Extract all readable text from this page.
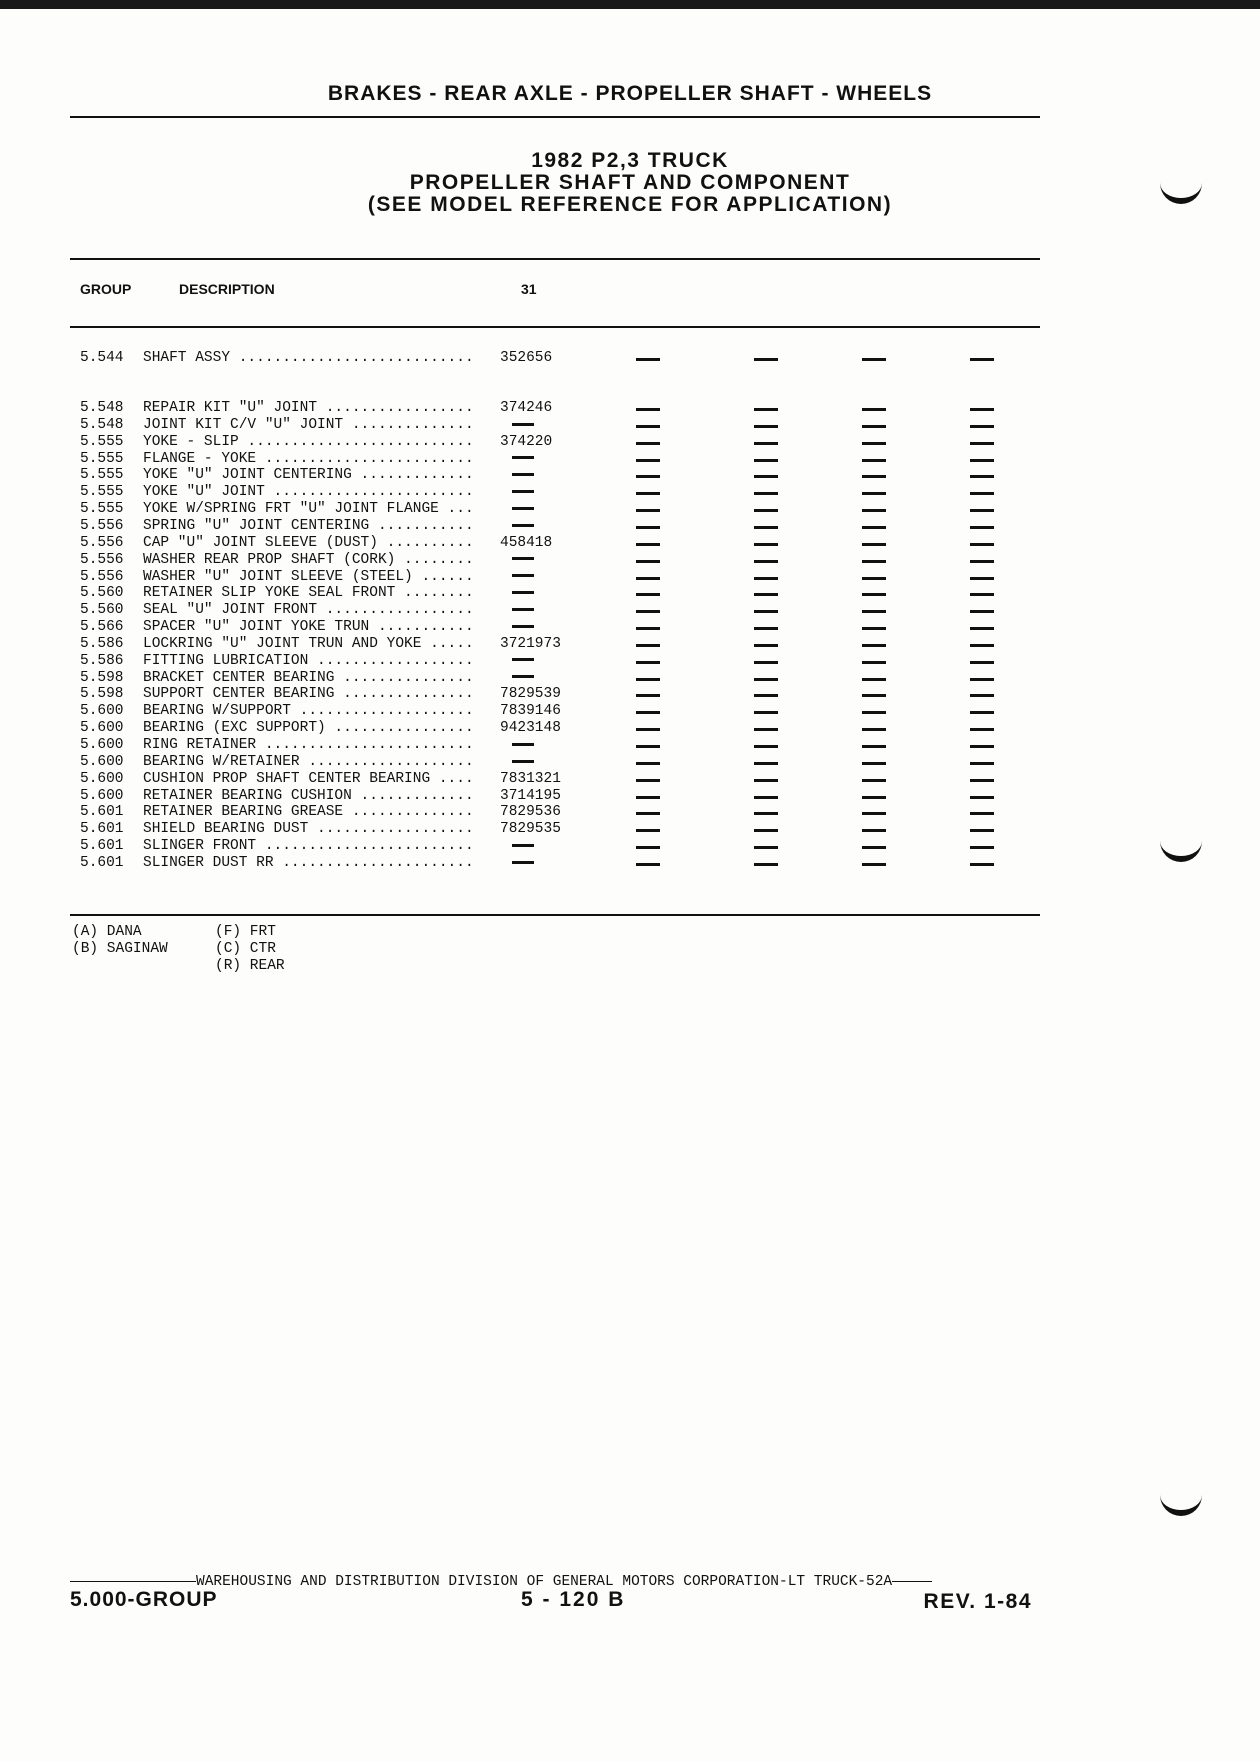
BRAKES - REAR AXLE - PROPELLER SHAFT - WHEELS
1982 P2,3 TRUCK
PROPELLER SHAFT AND COMPONENT
(SEE MODEL REFERENCE FOR APPLICATION)
GROUP	DESCRIPTION	31
5.544	SHAFT ASSY .....	352656
5.548	REPAIR KIT "U" JOINT .....	374246
5.548	JOINT KIT C/V "U" JOINT .....
5.555	YOKE - SLIP .....	374220
5.555	FLANGE - YOKE .....
5.555	YOKE "U" JOINT CENTERING .....
5.555	YOKE "U" JOINT .....
5.555	YOKE W/SPRING FRT "U" JOINT FLANGE .....
5.556	SPRING "U" JOINT CENTERING .....
5.556	CAP "U" JOINT SLEEVE (DUST) .....	458418
5.556	WASHER REAR PROP SHAFT (CORK) .....
5.556	WASHER "U" JOINT SLEEVE (STEEL) .....
5.560	RETAINER SLIP YOKE SEAL FRONT .....
5.560	SEAL "U" JOINT FRONT .....
5.566	SPACER "U" JOINT YOKE TRUN .....
5.586	LOCKRING "U" JOINT TRUN AND YOKE .....	3721973
5.586	FITTING LUBRICATION .....
5.598	BRACKET CENTER BEARING .....
5.598	SUPPORT CENTER BEARING .....	7829539
5.600	BEARING W/SUPPORT .....	7839146
5.600	BEARING (EXC SUPPORT) .....	9423148
5.600	RING RETAINER .....
5.600	BEARING W/RETAINER .....
5.600	CUSHION PROP SHAFT CENTER BEARING .....	7831321
5.600	RETAINER BEARING CUSHION .....	3714195
5.601	RETAINER BEARING GREASE .....	7829536
5.601	SHIELD BEARING DUST .....	7829535
5.601	SLINGER FRONT .....
5.601	SLINGER DUST RR .....
(A) DANA
(B) SAGINAW
(F) FRT
(C) CTR
(R) REAR
WAREHOUSING AND DISTRIBUTION DIVISION OF GENERAL MOTORS CORPORATION-LT TRUCK-52A
5.000-GROUP	5 - 120 B	REV. 1-84
